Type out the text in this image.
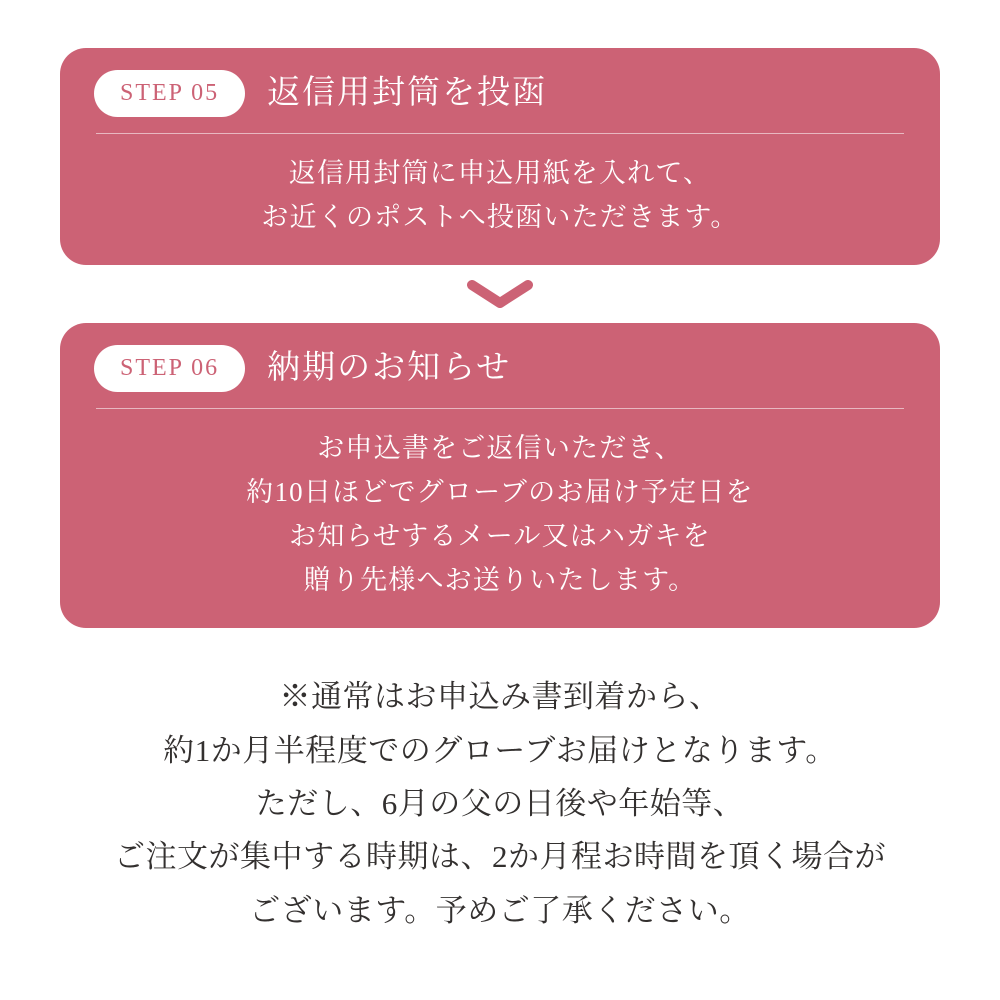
STEP 05	返信用封筒を投函
返信用封筒に申込用紙を入れて、
お近くのポストへ投函いただきます。
STEP 06	納期のお知らせ
お申込書をご返信いただき、
約10日ほどでグローブのお届け予定日を
お知らせするメール又はハガキを
贈り先様へお送りいたします。
※通常はお申込み書到着から、
約1か月半程度でのグローブお届けとなります。
ただし、6月の父の日後や年始等、
ご注文が集中する時期は、2か月程お時間を頂く場合が
ございます。予めご了承ください。
